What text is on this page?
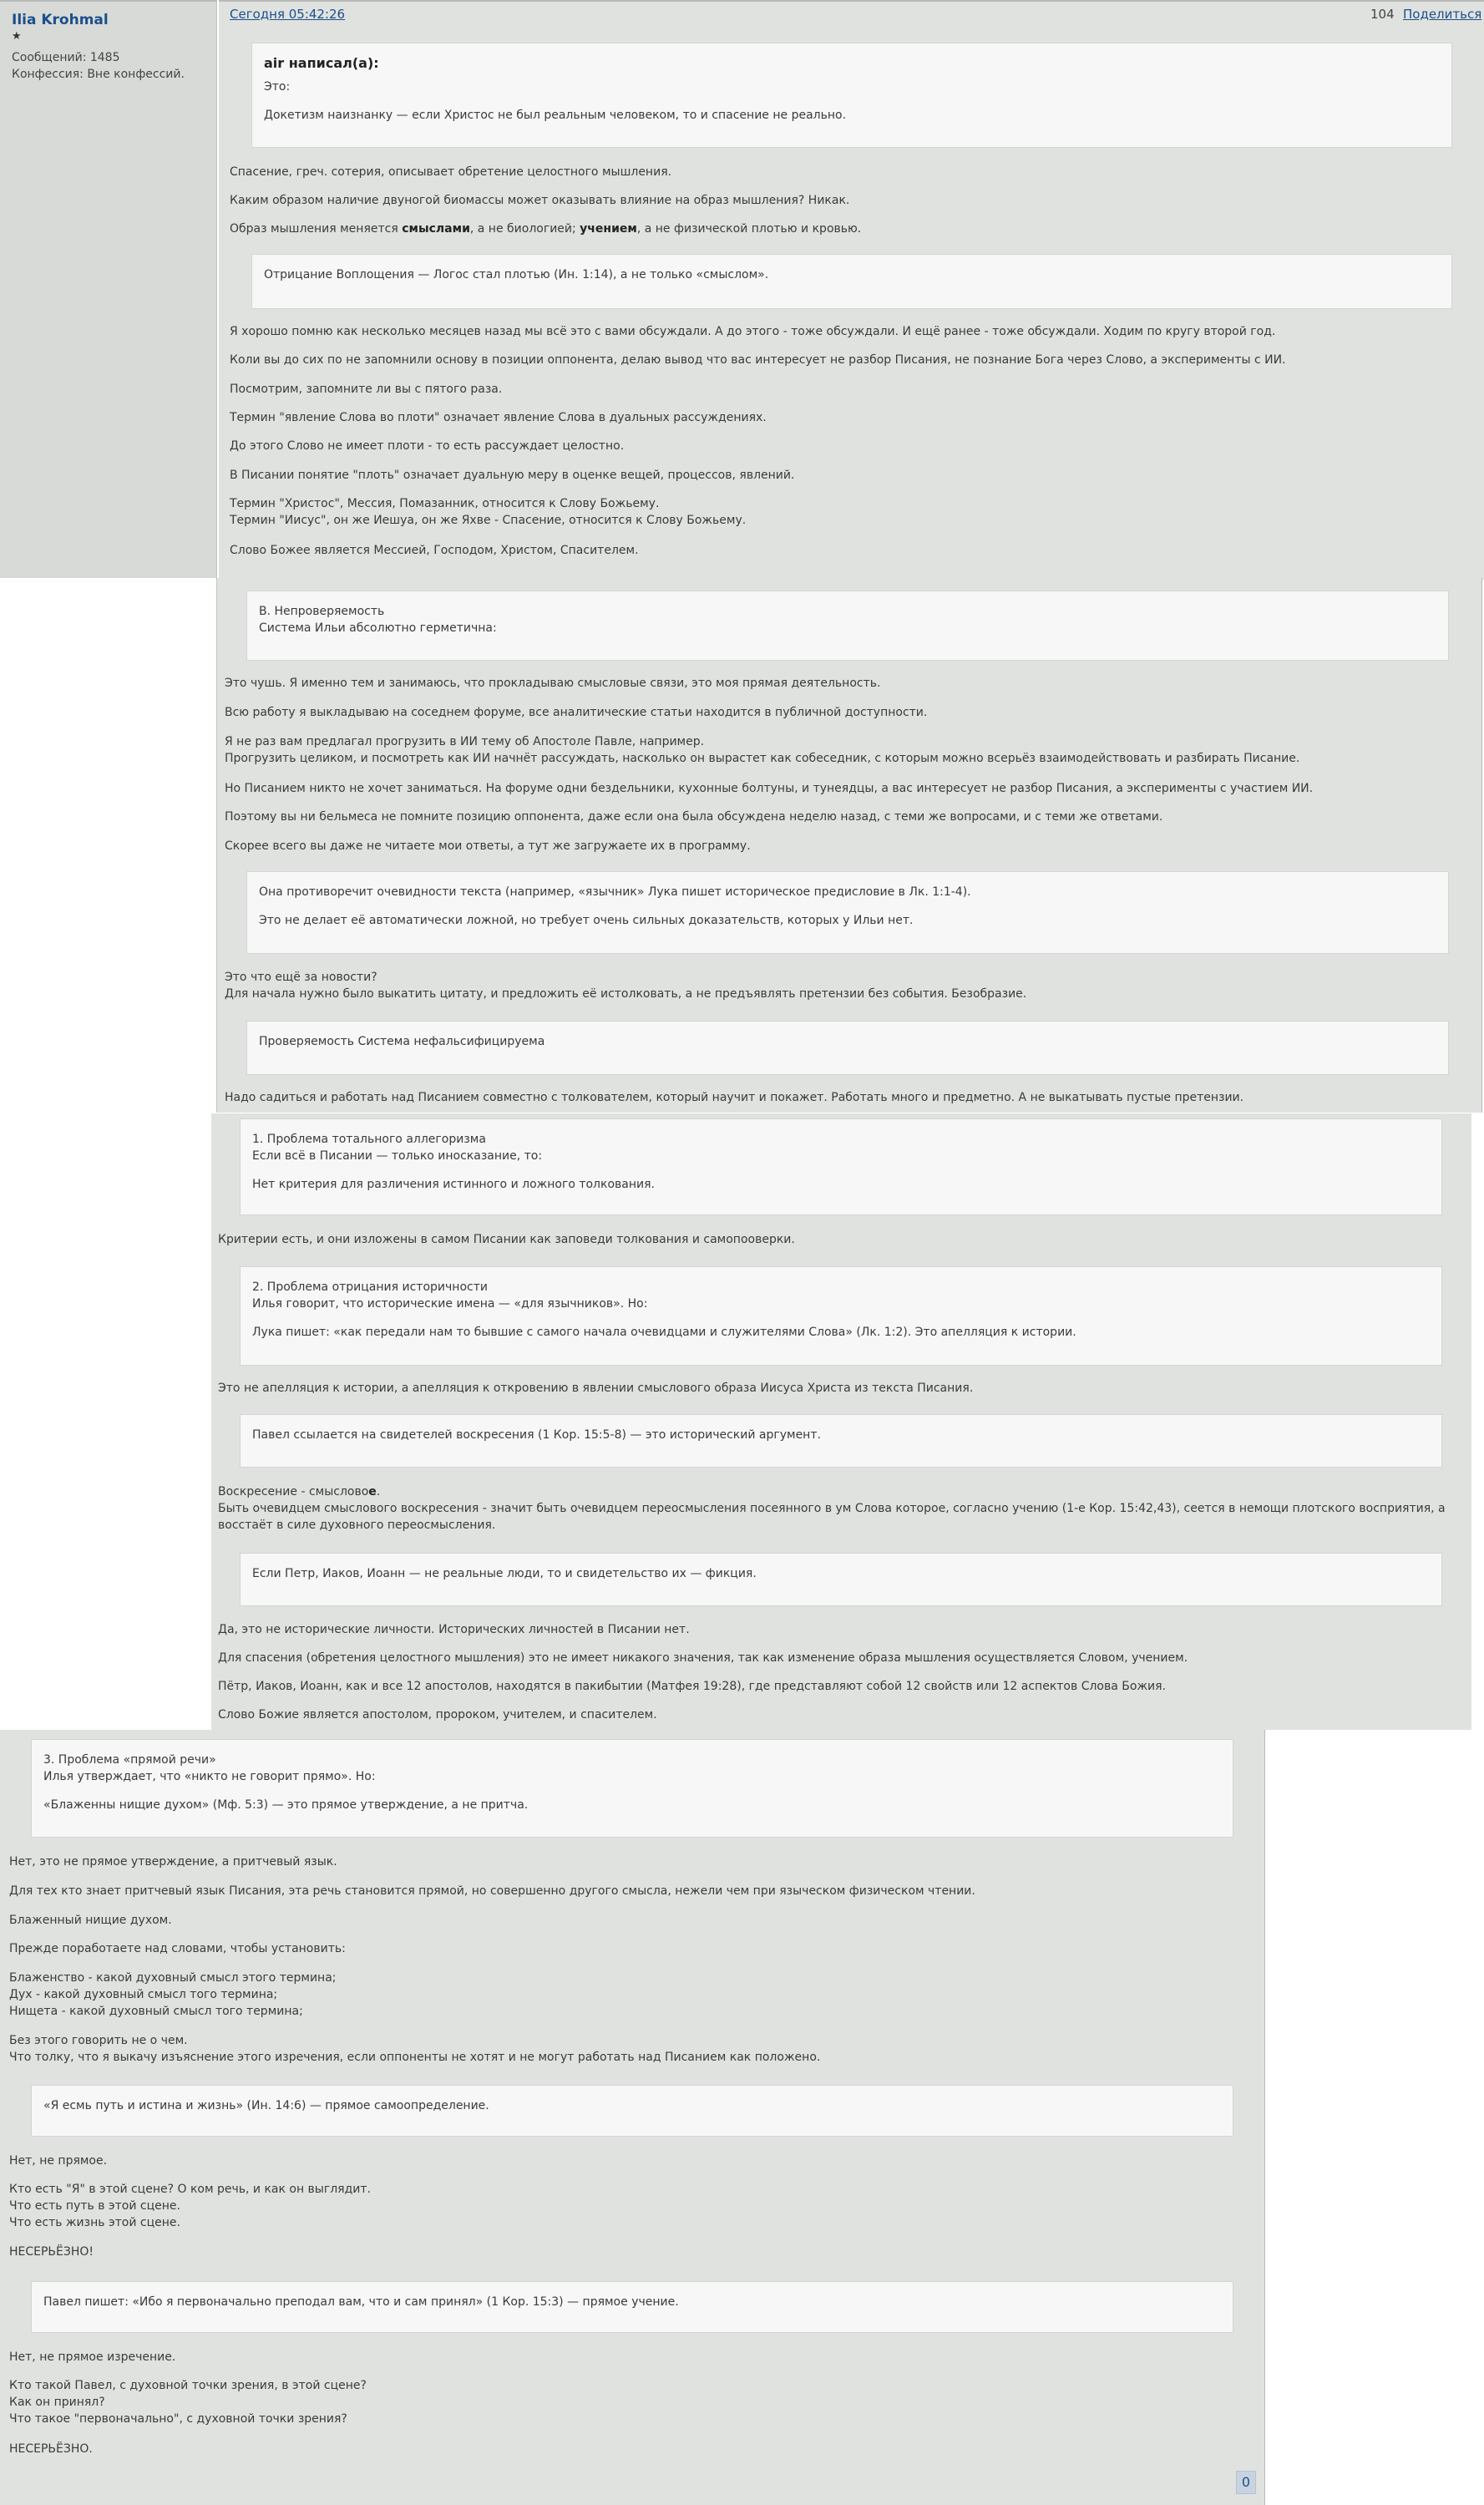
Ilia Krohmal
★
Сообщений: 1485
Конфессия: Вне конфессий.
Сегодня 05:42:26	104 Поделиться
air написал(а):

Это:

Докетизм наизнанку — если Христос не был реальным человеком, то и спасение не реально.

Спасение, греч. сотерия, описывает обретение целостного мышления.
Каким образом наличие двуногой биомассы может оказывать влияние на образ мышления? Никак.
Образ мышления меняется смыслами, а не биологией; учением, а не физической плотью и кровью.

Отрицание Воплощения — Логос стал плотью (Ин. 1:14), а не только «смыслом».

Я хорошо помню как несколько месяцев назад мы всё это с вами обсуждали. А до этого - тоже обсуждали. И ещё ранее - тоже обсуждали. Ходим по кругу второй год.
Коли вы до сих по не запомнили основу в позиции оппонента, делаю вывод что вас интересует не разбор Писания, не познание Бога через Слово, а эксперименты с ИИ.
Посмотрим, запомните ли вы с пятого раза.
Термин "явление Слова во плоти" означает явление Слова в дуальных рассуждениях.
До этого Слово не имеет плоти - то есть рассуждает целостно.
В Писании понятие "плоть" означает дуальную меру в оценке вещей, процессов, явлений.
Термин "Христос", Мессия, Помазанник, относится к Слову Божьему.
Термин "Иисус", он же Иешуа, он же Яхве - Спасение, относится к Слову Божьему.
Слово Божее является Мессией, Господом, Христом, Спасителем.

B. Непроверяемость

Система Ильи абсолютно герметична:

Это чушь. Я именно тем и занимаюсь, что прокладываю смысловые связи, это моя прямая деятельность.
Всю работу я выкладываю на соседнем форуме, все аналитические статьи находится в публичной доступности.
Я не раз вам предлагал прогрузить в ИИ тему об Апостоле Павле, например.
Прогрузить целиком, и посмотреть как ИИ начнёт рассуждать, насколько он вырастет как собеседник, с которым можно всерьёз взаимодействовать и разбирать Писание.
Но Писанием никто не хочет заниматься. На форуме одни бездельники, кухонные болтуны, и тунеядцы, а вас интересует не разбор Писания, а эксперименты с участием ИИ.
Поэтому вы ни бельмеса не помните позицию оппонента, даже если она была обсуждена неделю назад, с теми же вопросами, и с теми же ответами.
Скорее всего вы даже не читаете мои ответы, а тут же загружаете их в программу.

Она противоречит очевидности текста (например, «язычник» Лука пишет историческое предисловие в Лк. 1:1-4).

Это не делает её автоматически ложной, но требует очень сильных доказательств, которых у Ильи нет.

Это что ещё за новости?
Для начала нужно было выкатить цитату, и предложить её истолковать, а не предъявлять претензии без события. Безобразие.

Проверяемость Система нефальсифицируема

Надо садиться и работать над Писанием совместно с толкователем, который научит и покажет. Работать много и предметно. А не выкатывать пустые претензии.

1. Проблема тотального аллегоризма

Если всё в Писании — только иносказание, то:

Нет критерия для различения истинного и ложного толкования.

Критерии есть, и они изложены в самом Писании как заповеди толкования и самопооверки.

2. Проблема отрицания историчности

Илья говорит, что исторические имена — «для язычников». Но:

Лука пишет: «как передали нам то бывшие с самого начала очевидцами и служителями Слова» (Лк. 1:2). Это апелляция к истории.

Это не апелляция к истории, а апелляция к откровению в явлении смыслового образа Иисуса Христа из текста Писания.

Павел ссылается на свидетелей воскресения (1 Кор. 15:5-8) — это исторический аргумент.

Воскресение - смысловое.
Быть очевидцем смыслового воскресения - значит быть очевидцем переосмысления посеянного в ум Слова которое, согласно учению (1-е Кор. 15:42,43), сеется в немощи плотского восприятия, а восстаёт в силе духовного переосмысления.

Если Петр, Иаков, Иоанн — не реальные люди, то и свидетельство их — фикция.

Да, это не исторические личности. Исторических личностей в Писании нет.
Для спасения (обретения целостного мышления) это не имеет никакого значения, так как изменение образа мышления осуществляется Словом, учением.
Пётр, Иаков, Иоанн, как и все 12 апостолов, находятся в пакибытии (Матфея 19:28), где представляют собой 12 свойств или 12 аспектов Слова Божия.
Слово Божие является апостолом, пророком, учителем, и спасителем.

3. Проблема «прямой речи»

Илья утверждает, что «никто не говорит прямо». Но:

«Блаженны нищие духом» (Мф. 5:3) — это прямое утверждение, а не притча.

Нет, это не прямое утверждение, а притчевый язык.
Для тех кто знает притчевый язык Писания, эта речь становится прямой, но совершенно другого смысла, нежели чем при языческом физическом чтении.
Блаженный нищие духом.
Прежде поработаете над словами, чтобы установить:
Блаженство - какой духовный смысл этого термина;
Дух - какой духовный смысл того термина;
Нищета - какой духовный смысл того термина;
Без этого говорить не о чем.
Что толку, что я выкачу изъяснение этого изречения, если оппоненты не хотят и не могут работать над Писанием как положено.

«Я есмь путь и истина и жизнь» (Ин. 14:6) — прямое самоопределение.

Нет, не прямое.
Кто есть "Я" в этой сцене? О ком речь, и как он выглядит.
Что есть путь в этой сцене.
Что есть жизнь этой сцене.
НЕСЕРЬЁЗНО!

Павел пишет: «Ибо я первоначально преподал вам, что и сам принял» (1 Кор. 15:3) — прямое учение.

Нет, не прямое изречение.
Кто такой Павел, с духовной точки зрения, в этой сцене?
Как он принял?
Что такое "первоначально", с духовной точки зрения?
НЕСЕРЬЁЗНО.
0
